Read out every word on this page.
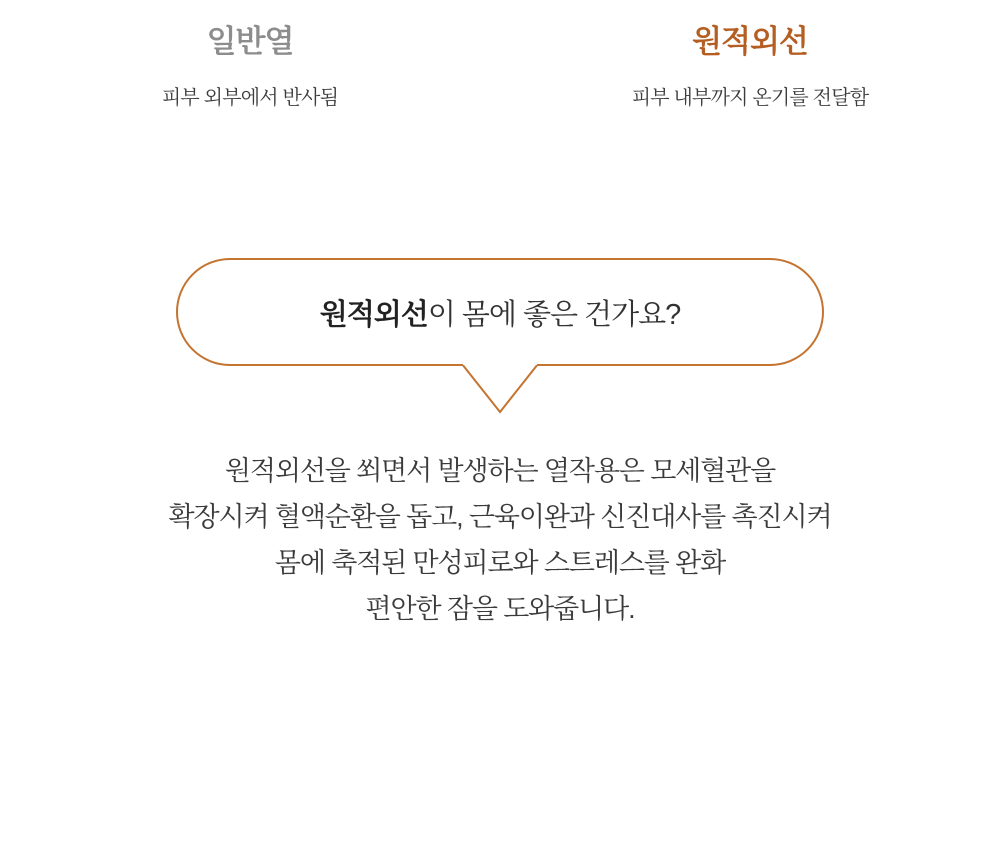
일반열
피부 외부에서 반사됨
원적외선
피부 내부까지 온기를 전달함
원적외선이 몸에 좋은 건가요?
원적외선을 쐬면서 발생하는 열작용은 모세혈관을
확장시켜 혈액순환을 돕고, 근육이완과 신진대사를 촉진시켜
몸에 축적된 만성피로와 스트레스를 완화
편안한 잠을 도와줍니다.
